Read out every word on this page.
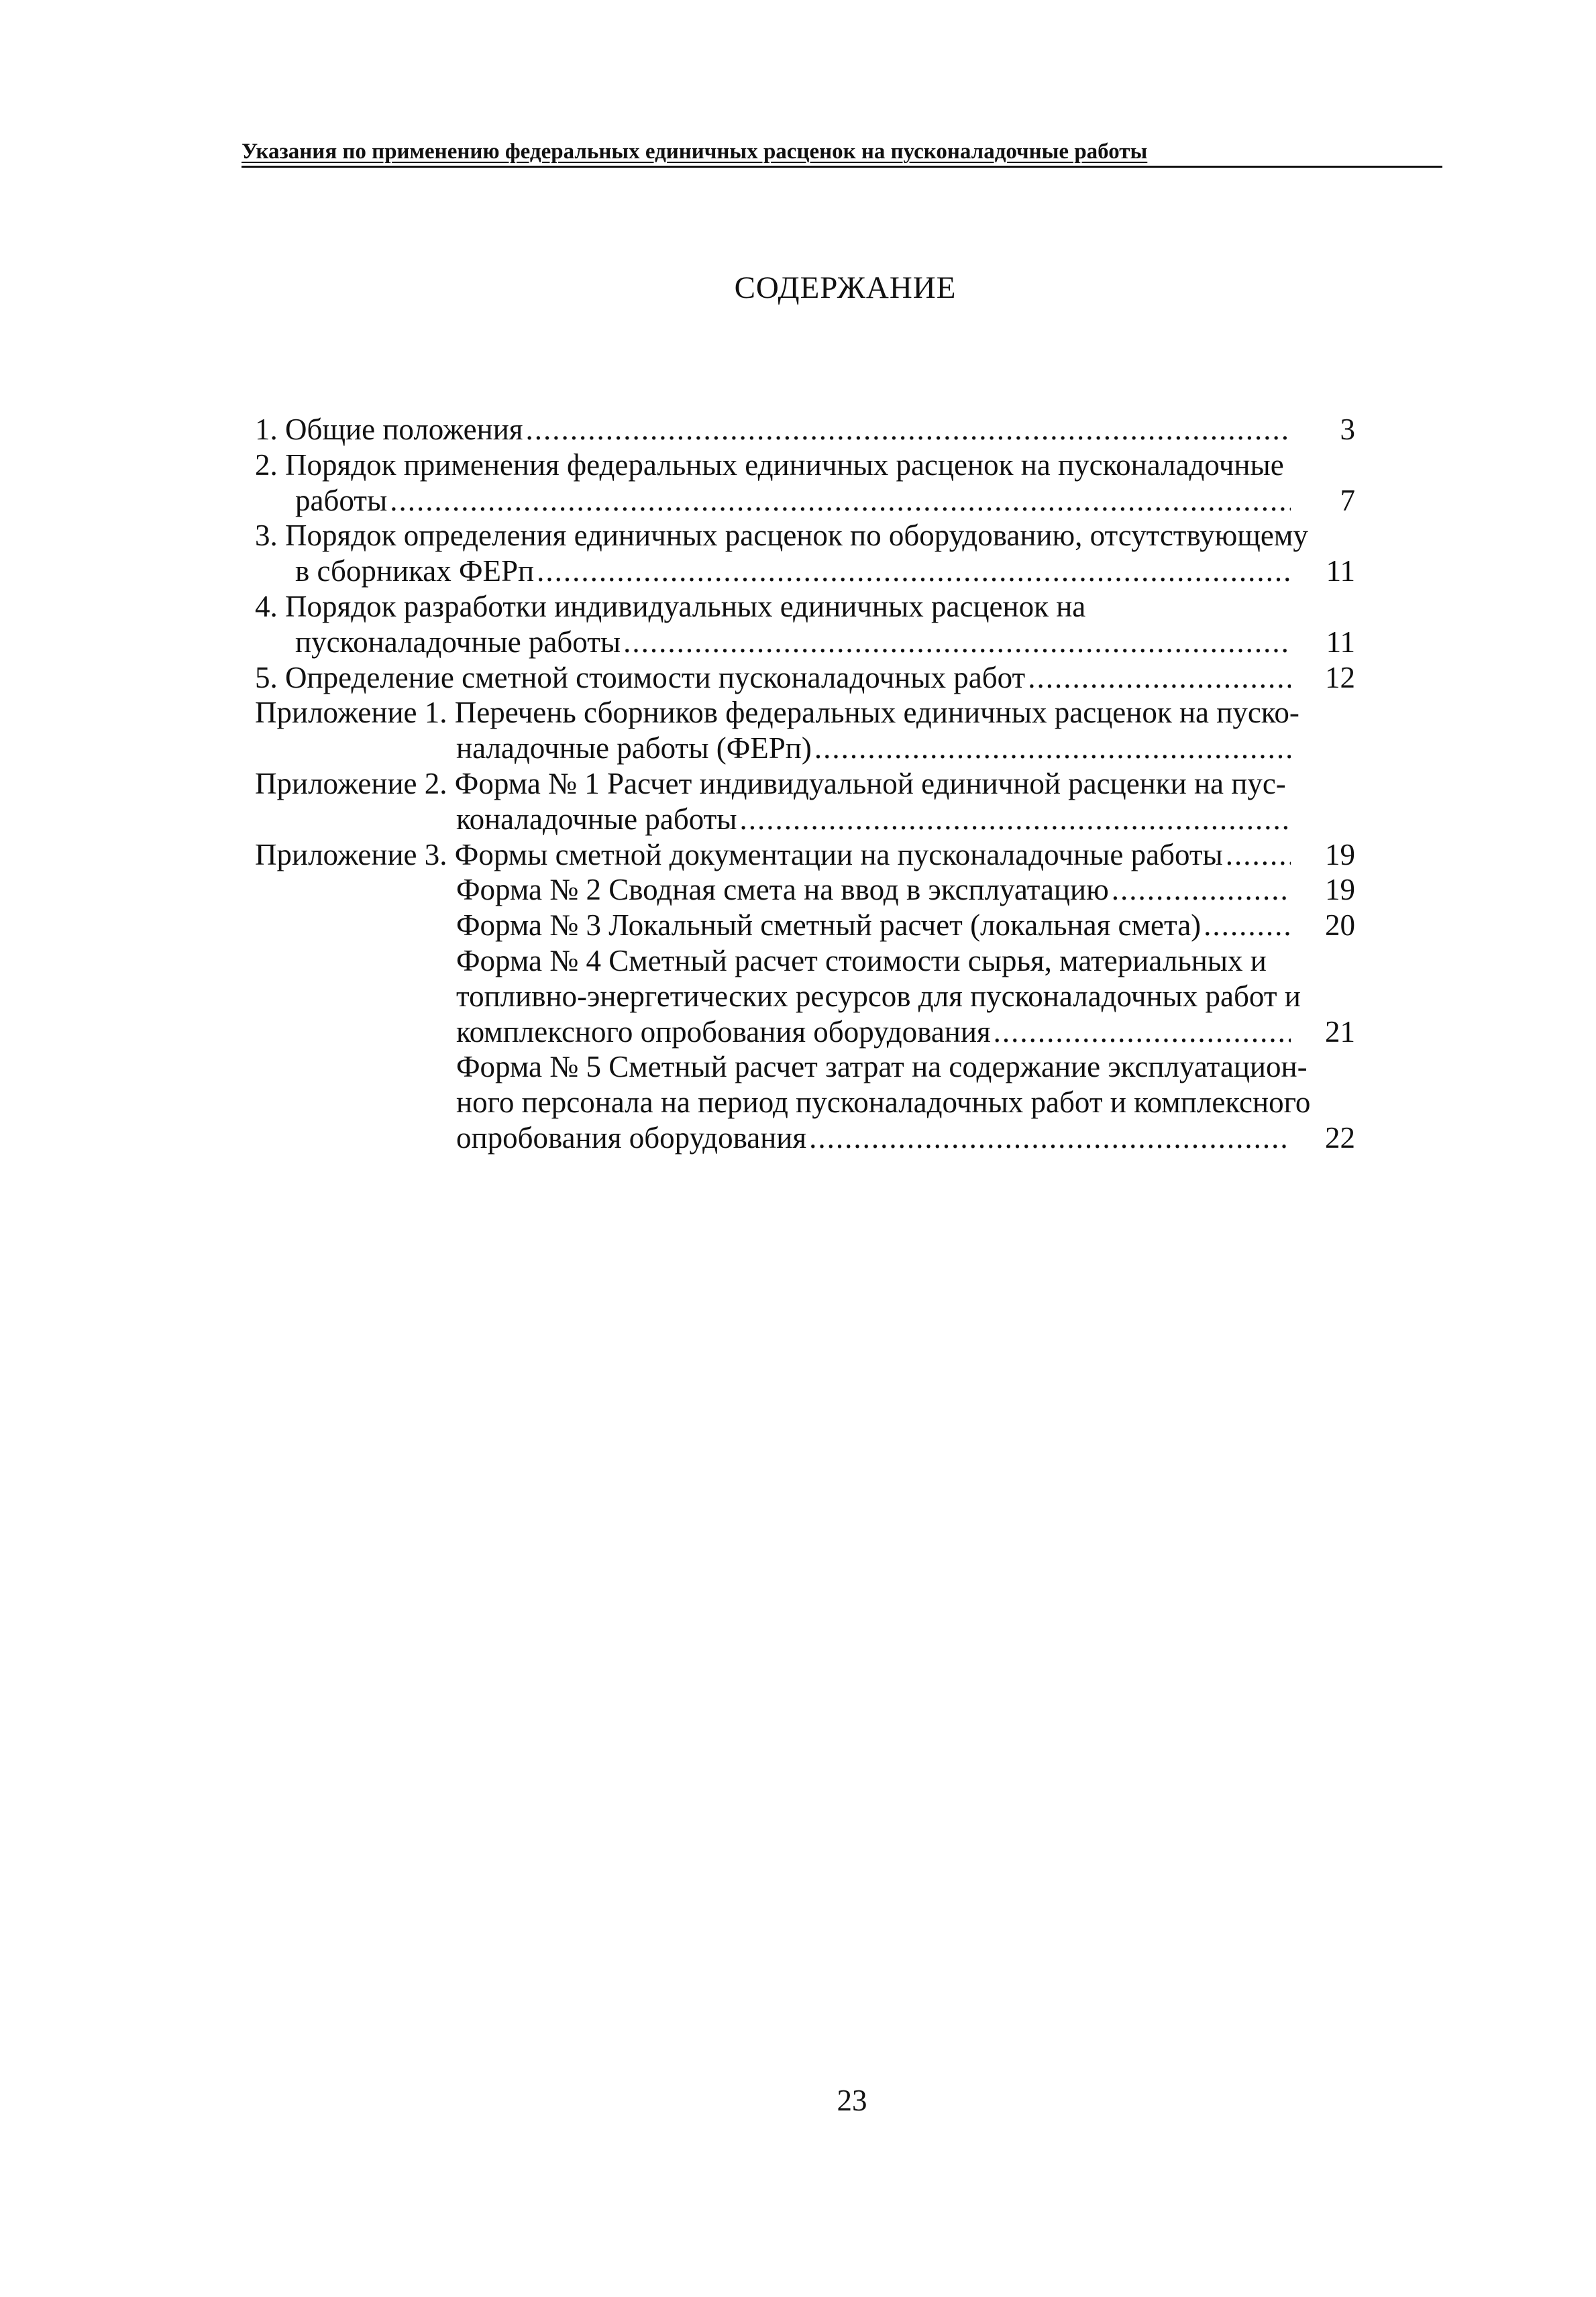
Указания по применению федеральных единичных расценок на пусконаладочные работы
СОДЕРЖАНИЕ
1. Общие положения .....	3
2. Порядок применения федеральных единичных расценок на пусконаладочные
работы .....	7
3. Порядок определения единичных расценок по оборудованию, отсутствующему
в сборниках ФЕРп .....	11
4. Порядок разработки индивидуальных единичных расценок на
пусконаладочные работы .....	11
5. Определение сметной стоимости пусконаладочных работ .....	12
Приложение 1. Перечень сборников федеральных единичных расценок на пуско-
наладочные работы (ФЕРп)
.....
Приложение 2. Форма № 1 Расчет индивидуальной единичной расценки на пус-
коналадочные работы
.....
Приложение 3. Формы сметной документации на пусконаладочные работы .....	19
Форма № 2 Сводная смета на ввод в эксплуатацию .....	19
Форма № 3 Локальный сметный расчет (локальная смета) .....	20
Форма № 4 Сметный расчет стоимости сырья, материальных и
топливно-энергетических ресурсов для пусконаладочных работ и
комплексного опробования оборудования .....	21
Форма № 5 Сметный расчет затрат на содержание эксплуатацион-
ного персонала на период пусконаладочных работ и комплексного
опробования оборудования .....	22
23
